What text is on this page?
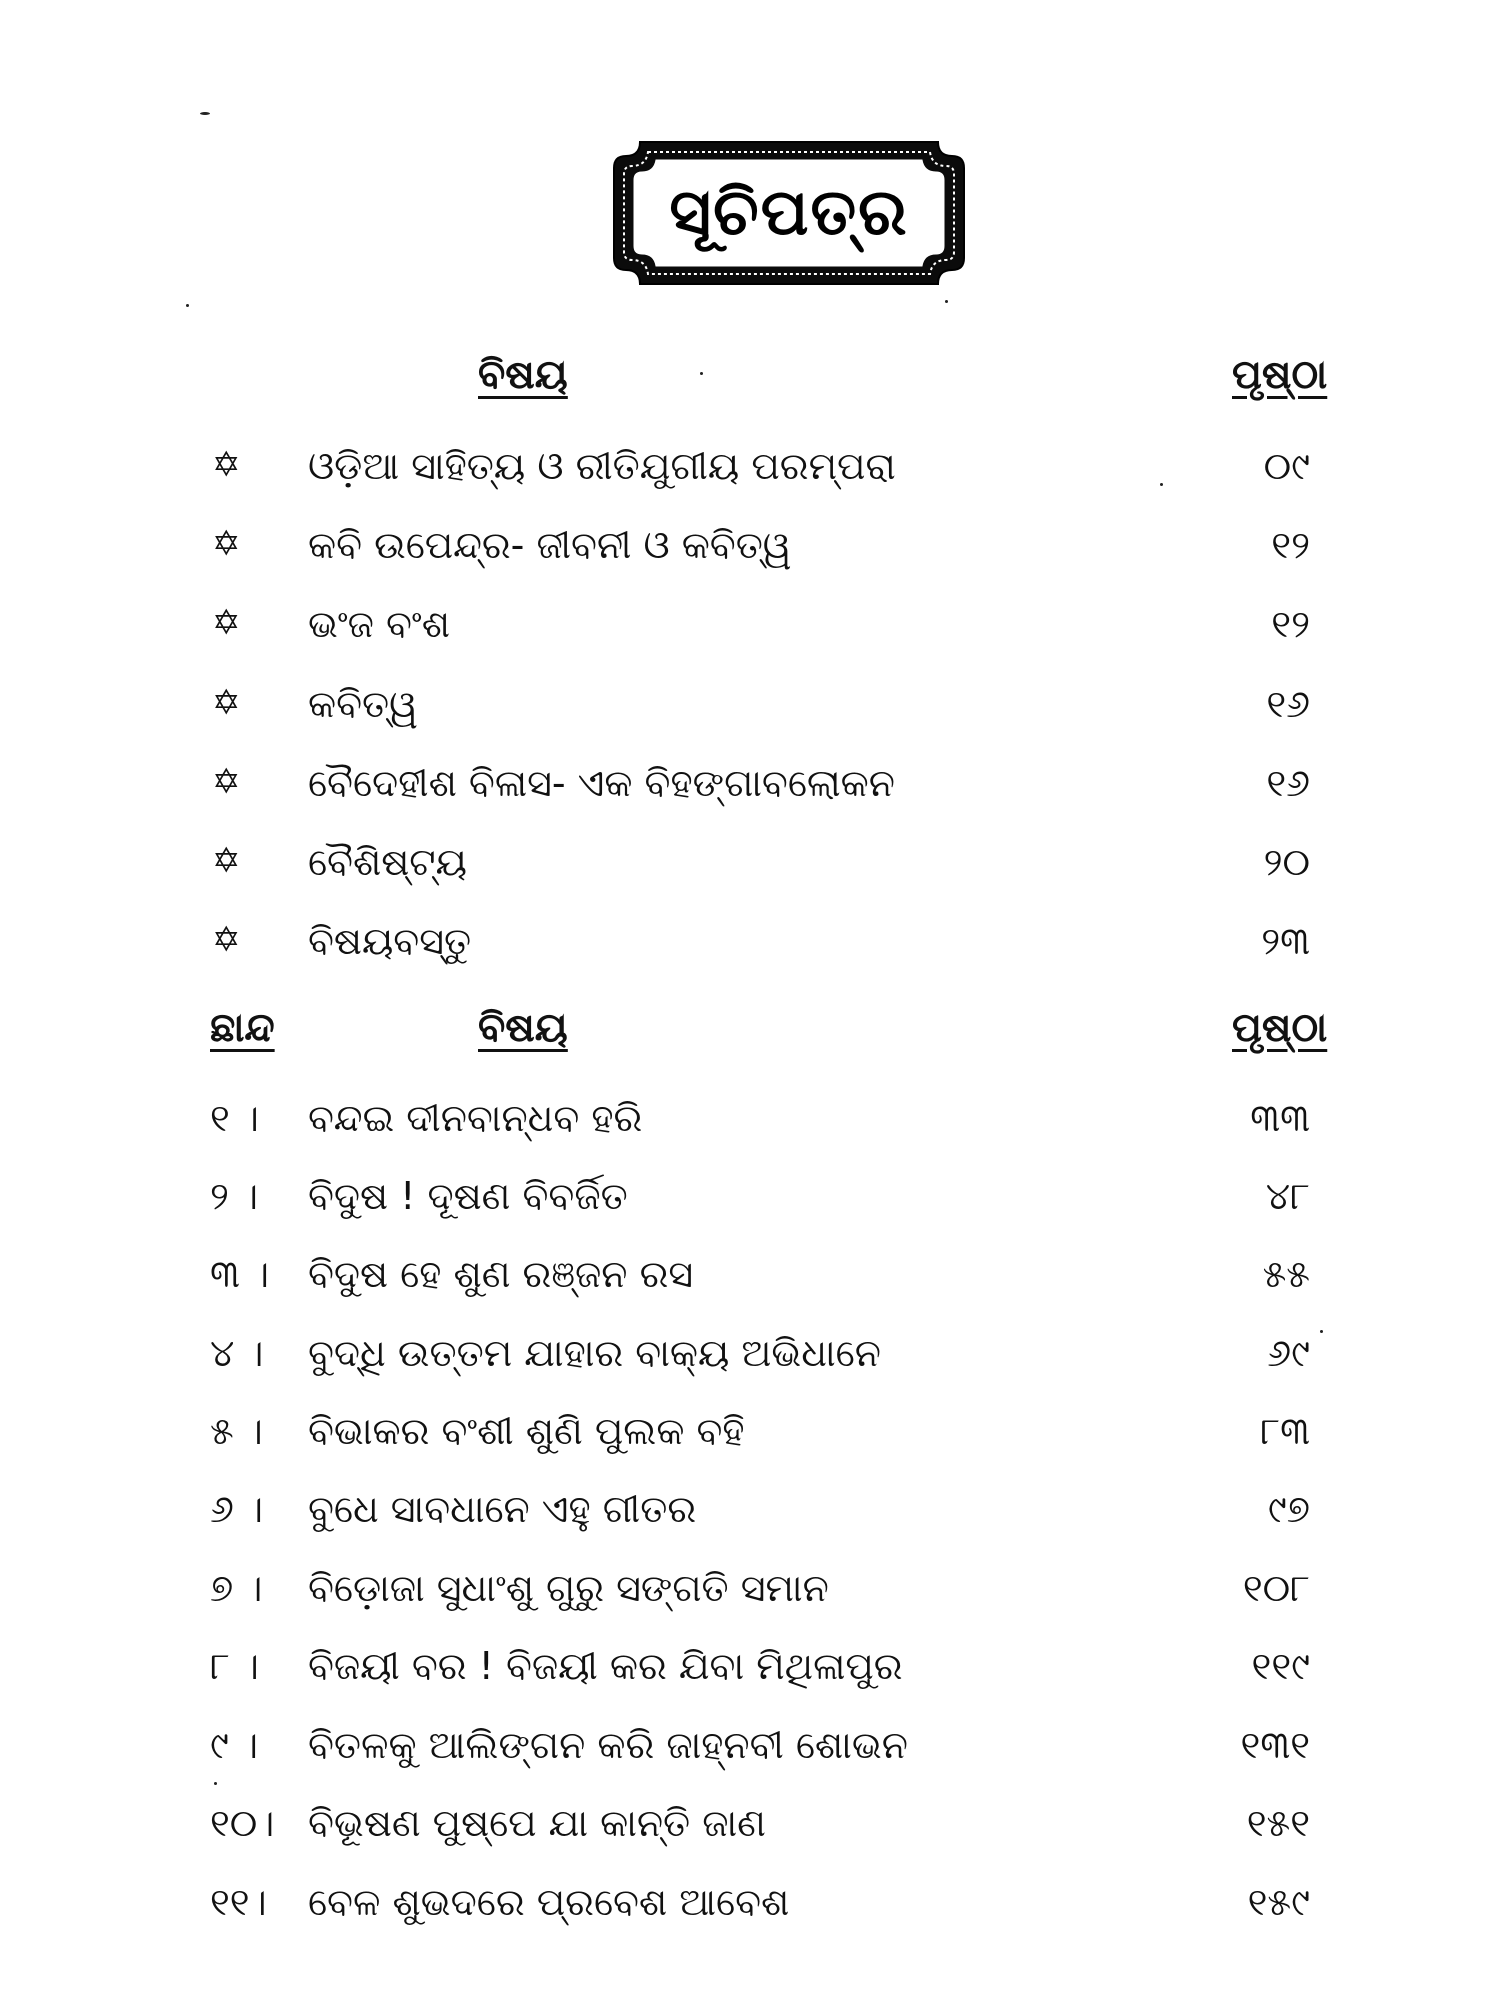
ସୂଚିପତ୍ର
ବିଷୟ	ପୃଷ୍ଠା
✡ ଓଡ଼ିଆ ସାହିତ୍ୟ ଓ ରୀତିଯୁଗୀୟ ପରମ୍ପରା	୦୯
✡ କବି ଉପେନ୍ଦ୍ର- ଜୀବନୀ ଓ କବିତ୍ୱ	୧୨
✡ ଭଂଜ ବଂଶ	୧୨
✡ କବିତ୍ୱ	୧୬
✡ ବୈଦେହୀଶ ବିଳାସ- ଏକ ବିହଙ୍ଗାବଲୋକନ	୧୬
✡ ବୈଶିଷ୍ଟ୍ୟ	୨୦
✡ ବିଷୟବସ୍ତୁ	୨୩
ଛାନ୍ଦ	ବିଷୟ	ପୃଷ୍ଠା
୧ । ବନ୍ଦଇ ଦୀନବାନ୍ଧବ ହରି	୩୩
୨ । ବିଦୁଷ ! ଦୂଷଣ ବିବର୍ଜିତ	୪୮
୩ । ବିଦୁଷ ହେ ଶୁଣ ରଞ୍ଜନ ରସ	୫୫
୪ । ବୁଦ୍ଧି ଉତ୍ତମ ଯାହାର ବାକ୍ୟ ଅଭିଧାନେ	୬୯
୫ । ବିଭାକର ବଂଶୀ ଶୁଣି ପୁଲକ ବହି	୮୩
୬ । ବୁଧେ ସାବଧାନେ ଏହୁ ଗୀତର	୯୭
୭ । ବିଡ଼ୋଜା ସୁଧାଂଶୁ ଗୁରୁ ସଙ୍ଗତି ସମାନ	୧୦୮
୮ । ବିଜୟୀ ବର ! ବିଜୟୀ କର ଯିବା ମିଥିଳାପୁର	୧୧୯
୯ । ବିତଳକୁ ଆଲିଙ୍ଗନ କରି ଜାହ୍ନବୀ ଶୋଭନ	୧୩୧
୧୦। ବିଭୂଷଣ ପୁଷ୍ପେ ଯା କାନ୍ତି ଜାଣ	୧୫୧
୧୧। ବେଳ ଶୁଭଦରେ ପ୍ରବେଶ ଆବେଶ	୧୫୯
